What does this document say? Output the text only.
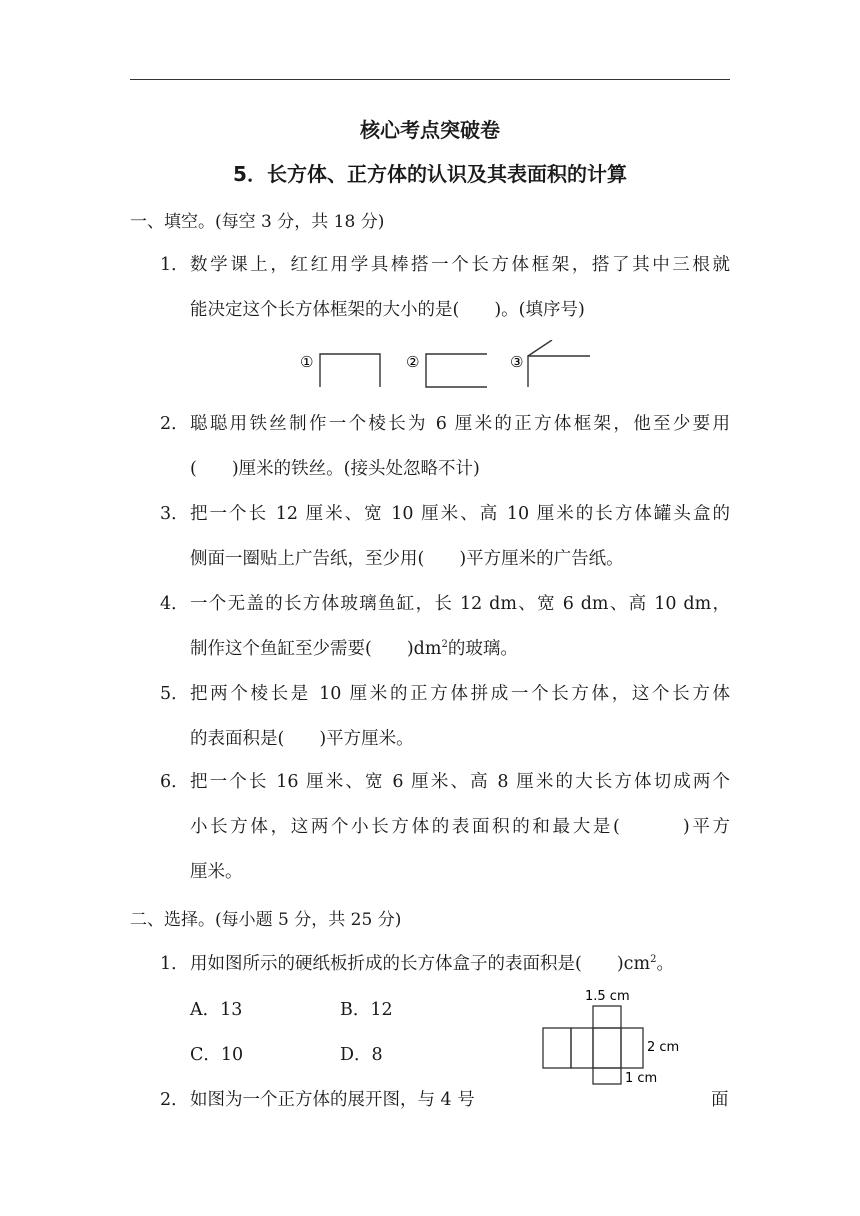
核心考点突破卷
5．长方体、正方体的认识及其表面积的计算
一、填空。(每空 3 分，共 18 分)
1． 数学课上，红红用学具棒搭一个长方体框架，搭了其中三根就
能决定这个长方体框架的大小的是(　　)。(填序号)
①	②	③
2． 聪聪用铁丝制作一个棱长为 6 厘米的正方体框架，他至少要用
(　　)厘米的铁丝。(接头处忽略不计)
3． 把一个长 12 厘米、宽 10 厘米、高 10 厘米的长方体罐头盒的
侧面一圈贴上广告纸，至少用(　　)平方厘米的广告纸。
4． 一个无盖的长方体玻璃鱼缸，长 12 dm、宽 6 dm、高 10 dm，
制作这个鱼缸至少需要(　　)$dm^2$的玻璃。
5． 把两个棱长是 10 厘米的正方体拼成一个长方体，这个长方体
的表面积是(　　)平方厘米。
6． 把一个长 16 厘米、宽 6 厘米、高 8 厘米的大长方体切成两个
小长方体，这两个小长方体的表面积的和最大是(　　　)平方
厘米。
二、选择。(每小题 5 分，共 25 分)
1． 用如图所示的硬纸板折成的长方体盒子的表面积是(　　)$cm^2$。
A．13	B．12
C．10	D．8
1.5 cm
2 cm
1 cm
2． 如图为一个正方体的展开图，与 4 号	面
